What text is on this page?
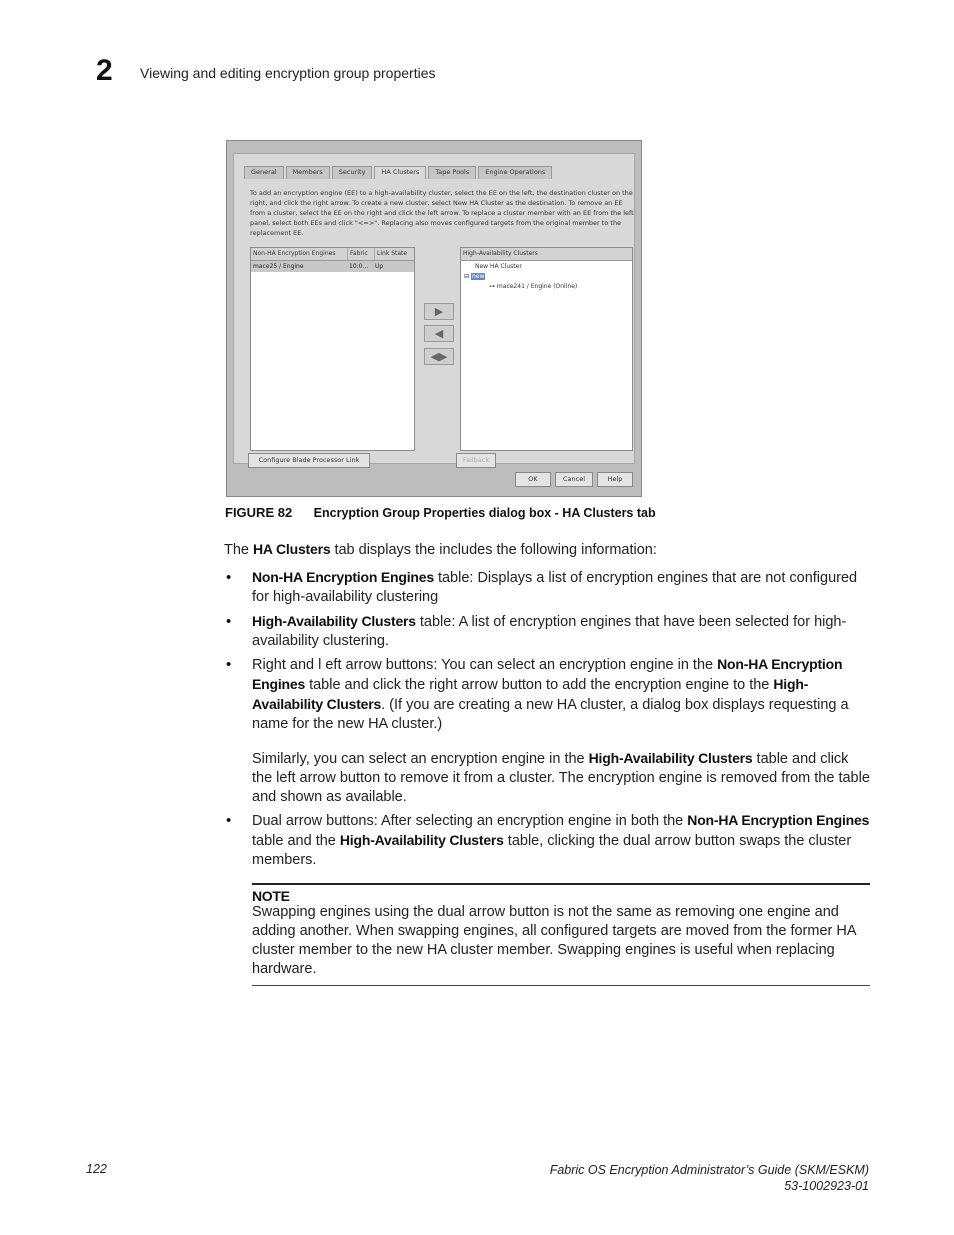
2 Viewing and editing encryption group properties
General	Members	Security	HA Clusters	Tape Pools	Engine Operations
To add an encryption engine (EE) to a high-availability cluster, select the EE on the left, the destination cluster on the right, and click the right arrow. To create a new cluster, select New HA Cluster as the destination. To remove an EE from a cluster, select the EE on the right and click the left arrow. To replace a cluster member with an EE from the left panel, select both EEs and click "<=>". Replacing also moves configured targets from the original member to the replacement EE.
Non-HA Encryption Engines	Fabric	Link State
mace25 / Engine	10:0...	Up
▶
◀
◀▶
High-Availability Clusters
New HA Cluster
⊟ new
⊶ mace241 / Engine (Online)
Configure Blade Processor Link	Failback
OK	Cancel	Help
FIGURE 82 Encryption Group Properties dialog box - HA Clusters tab
The HA Clusters tab displays the includes the following information:
• Non-HA Encryption Engines table: Displays a list of encryption engines that are not configured for high-availability clustering
• High-Availability Clusters table: A list of encryption engines that have been selected for high-availability clustering.
• Right and l eft arrow buttons: You can select an encryption engine in the Non-HA Encryption Engines table and click the right arrow button to add the encryption engine to the High-Availability Clusters. (If you are creating a new HA cluster, a dialog box displays requesting a name for the new HA cluster.)
Similarly, you can select an encryption engine in the High-Availability Clusters table and click the left arrow button to remove it from a cluster. The encryption engine is removed from the table and shown as available.
• Dual arrow buttons: After selecting an encryption engine in both the Non-HA Encryption Engines table and the High-Availability Clusters table, clicking the dual arrow button swaps the cluster members.
NOTE
Swapping engines using the dual arrow button is not the same as removing one engine and adding another. When swapping engines, all configured targets are moved from the former HA cluster member to the new HA cluster member. Swapping engines is useful when replacing hardware.
122	Fabric OS Encryption Administrator’s Guide (SKM/ESKM)
53-1002923-01
